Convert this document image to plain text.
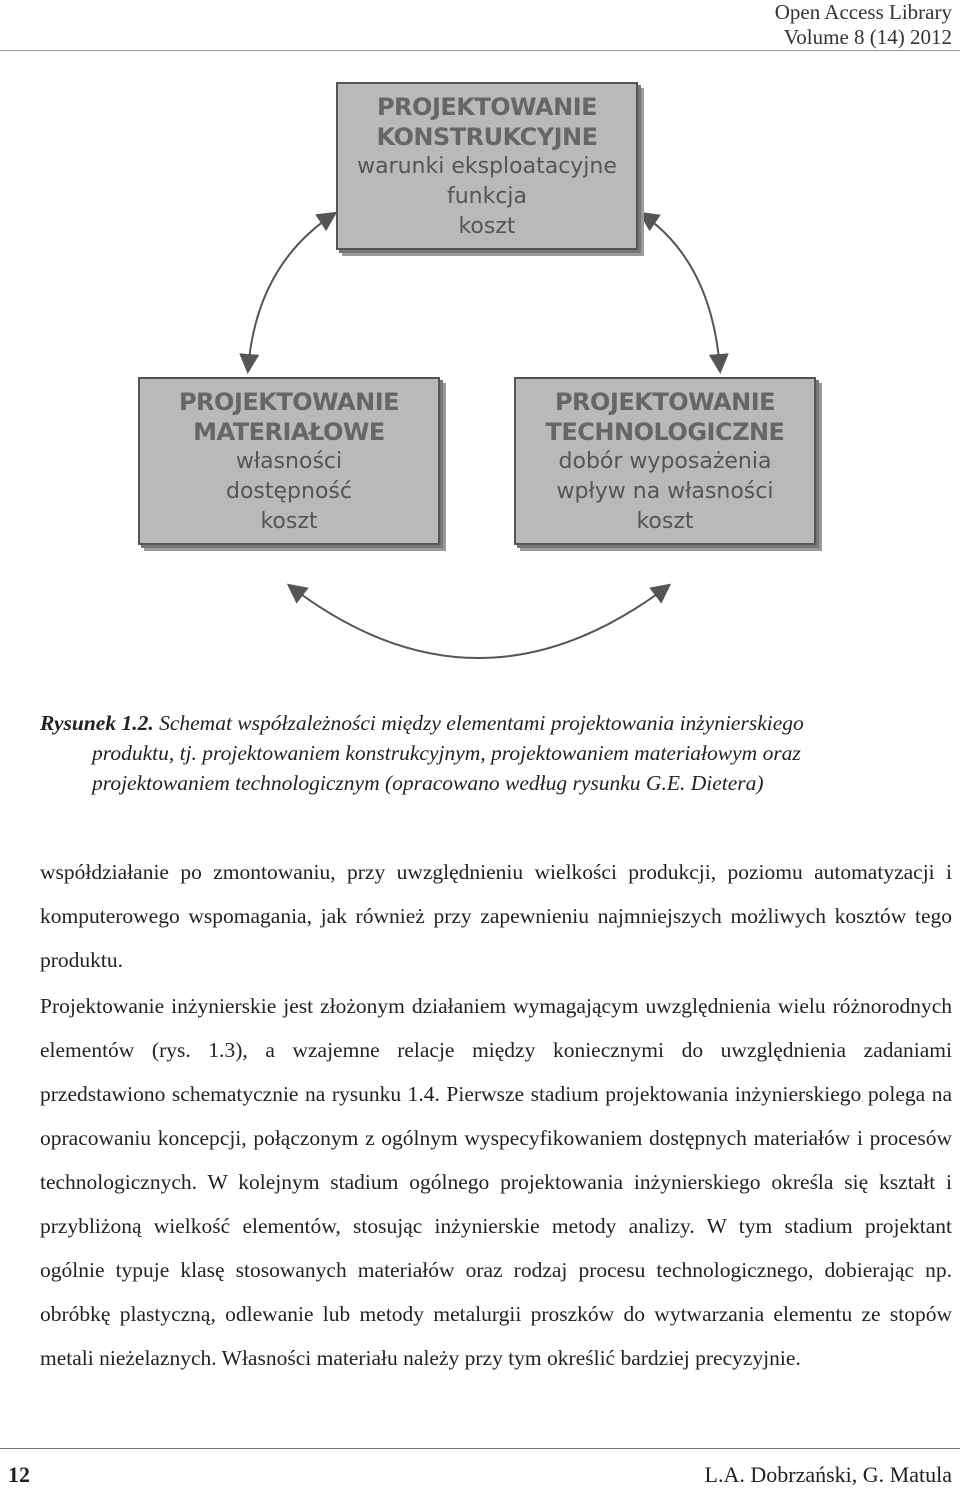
Open Access Library
Volume 8 (14) 2012
PROJEKTOWANIE
KONSTRUKCYJNE
warunki eksploatacyjne
funkcja
koszt
PROJEKTOWANIE
MATERIAŁOWE
własności
dostępność
koszt
PROJEKTOWANIE
TECHNOLOGICZNE
dobór wyposażenia
wpływ na własności
koszt
Rysunek 1.2. Schemat współzależności między elementami projektowania inżynierskiego
produktu, tj. projektowaniem konstrukcyjnym, projektowaniem materiałowym oraz
projektowaniem technologicznym (opracowano według rysunku G.E. Dietera)

współdziałanie po zmontowaniu, przy uwzględnieniu wielkości produkcji, poziomu automatyzacji i komputerowego wspomagania, jak również przy zapewnieniu najmniejszych możliwych kosztów tego produktu.

Projektowanie inżynierskie jest złożonym działaniem wymagającym uwzględnienia wielu różnorodnych elementów (rys. 1.3), a wzajemne relacje między koniecznymi do uwzględnienia zadaniami przedstawiono schematycznie na rysunku 1.4. Pierwsze stadium projektowania inżynierskiego polega na opracowaniu koncepcji, połączonym z ogólnym wyspecyfikowaniem dostępnych materiałów i procesów technologicznych. W kolejnym stadium ogólnego projektowania inżynierskiego określa się kształt i przybliżoną wielkość elementów, stosując inżynierskie metody analizy. W tym stadium projektant ogólnie typuje klasę stosowanych materiałów oraz rodzaj procesu technologicznego, dobierając np. obróbkę plastyczną, odlewanie lub metody metalurgii proszków do wytwarzania elementu ze stopów metali nieżelaznych. Własności materiału należy przy tym określić bardziej precyzyjnie.

12	L.A. Dobrzański, G. Matula
